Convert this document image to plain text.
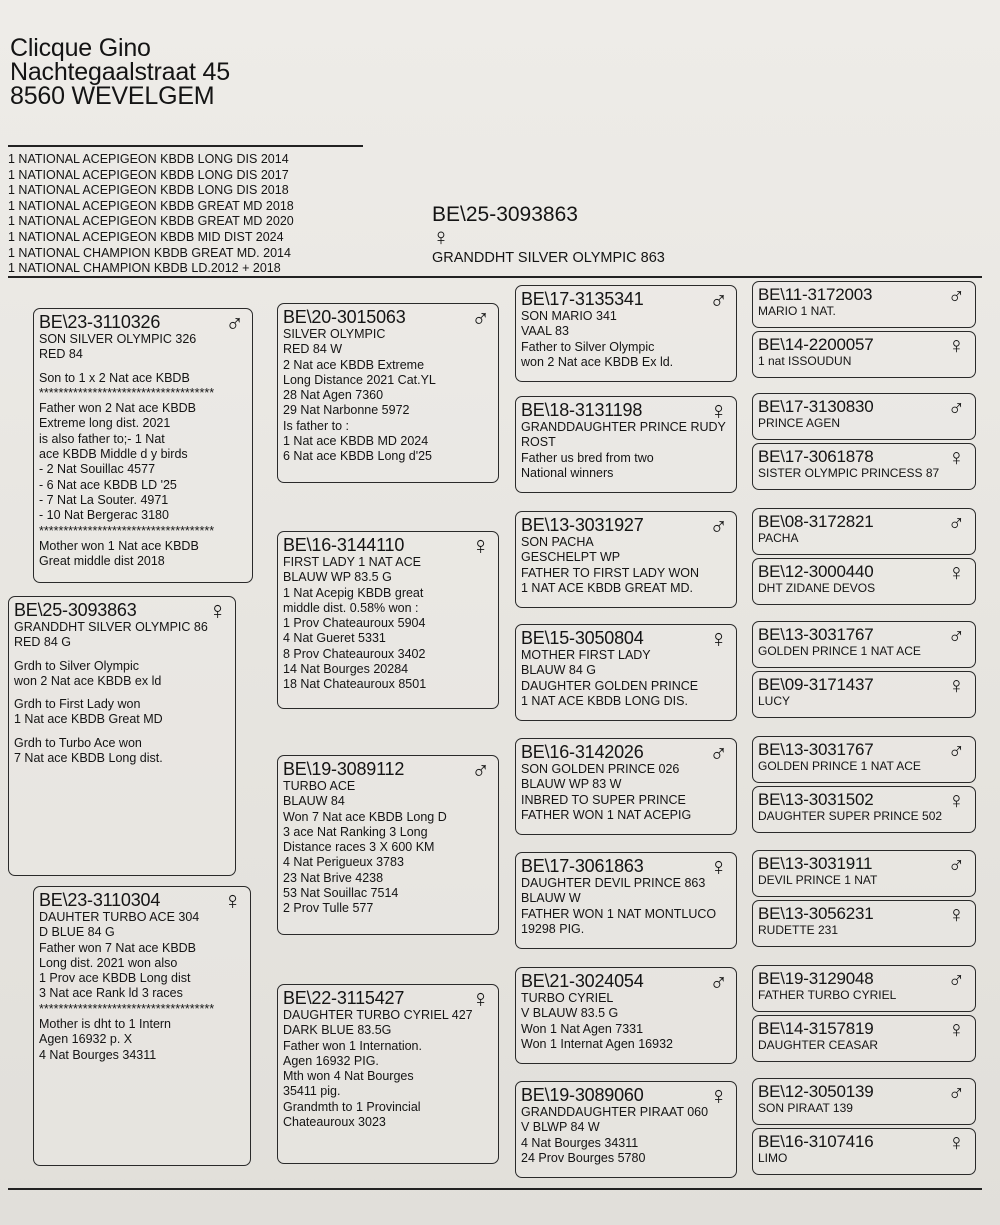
Clicque Gino
Nachtegaalstraat 45
8560 WEVELGEM
1 NATIONAL ACEPIGEON KBDB LONG DIS 2014
1 NATIONAL ACEPIGEON KBDB LONG DIS 2017
1 NATIONAL ACEPIGEON KBDB LONG DIS 2018
1 NATIONAL ACEPIGEON KBDB GREAT MD 2018
1 NATIONAL ACEPIGEON KBDB GREAT MD 2020
1 NATIONAL ACEPIGEON KBDB MID DIST 2024
1 NATIONAL CHAMPION KBDB GREAT MD. 2014
1 NATIONAL CHAMPION KBDB LD.2012 + 2018
BE\25-3093863
♀
GRANDDHT SILVER OLYMPIC 863
BE\25-3093863	♀
GRANDDHT SILVER OLYMPIC 86
RED 84 G
Grdh to Silver Olympic
won 2 Nat ace KBDB ex ld
Grdh to First Lady won
1 Nat ace KBDB Great MD
Grdh to Turbo Ace won
7 Nat ace KBDB Long dist.
BE\23-3110326	♂
SON SILVER OLYMPIC 326
RED 84
Son to 1 x 2 Nat ace KBDB
************************************
Father won 2 Nat ace KBDB
Extreme long dist. 2021
is also father to;- 1 Nat
ace KBDB Middle d y birds
- 2 Nat Souillac 4577
- 6 Nat ace KBDB LD '25
- 7 Nat La Souter. 4971
- 10 Nat Bergerac 3180
************************************
Mother won 1 Nat ace KBDB
Great middle dist 2018
BE\23-3110304	♀
DAUHTER TURBO ACE 304
D BLUE 84 G
Father won 7 Nat ace KBDB
Long dist. 2021 won also
1 Prov ace KBDB Long dist
3 Nat ace Rank ld 3 races
************************************
Mother is dht to 1 Intern
Agen 16932 p. X
4 Nat Bourges 34311
BE\20-3015063	♂
SILVER OLYMPIC
RED 84 W
2 Nat ace KBDB Extreme
Long Distance 2021 Cat.YL
28 Nat Agen 7360
29 Nat Narbonne 5972
Is father to :
1 Nat ace KBDB MD 2024
6 Nat ace KBDB Long d'25
BE\16-3144110	♀
FIRST LADY 1 NAT ACE
BLAUW WP 83.5 G
1 Nat Acepig KBDB great
middle dist. 0.58% won :
1 Prov Chateauroux 5904
4 Nat Gueret 5331
8 Prov Chateauroux 3402
14 Nat Bourges 20284
18 Nat Chateauroux 8501
BE\19-3089112	♂
TURBO ACE
BLAUW 84
Won 7 Nat ace KBDB Long D
3 ace Nat Ranking 3 Long
Distance races 3 X 600 KM
4 Nat Perigueux 3783
23 Nat Brive 4238
53 Nat Souillac 7514
2 Prov Tulle 577
BE\22-3115427	♀
DAUGHTER TURBO CYRIEL 427
DARK BLUE 83.5G
Father won 1 Internation.
Agen 16932 PIG.
Mth won 4 Nat Bourges
35411 pig.
Grandmth to 1 Provincial
Chateauroux 3023
BE\17-3135341	♂
SON MARIO 341
VAAL 83
Father to Silver Olympic
won 2 Nat ace KBDB Ex ld.
BE\18-3131198	♀
GRANDDAUGHTER PRINCE RUDY
ROST
Father us bred from two
National winners
BE\13-3031927	♂
SON PACHA
GESCHELPT WP
FATHER TO FIRST LADY WON
1 NAT ACE KBDB GREAT MD.
BE\15-3050804	♀
MOTHER FIRST LADY
BLAUW 84 G
DAUGHTER GOLDEN PRINCE
1 NAT ACE KBDB LONG DIS.
BE\16-3142026	♂
SON GOLDEN PRINCE 026
BLAUW WP 83 W
INBRED TO SUPER PRINCE
FATHER WON 1 NAT ACEPIG
BE\17-3061863	♀
DAUGHTER DEVIL PRINCE 863
BLAUW W
FATHER WON 1 NAT MONTLUCO
19298 PIG.
BE\21-3024054	♂
TURBO CYRIEL
V BLAUW 83.5 G
Won 1 Nat Agen 7331
Won 1 Internat Agen 16932
BE\19-3089060	♀
GRANDDAUGHTER PIRAAT 060
V BLWP 84 W
4 Nat Bourges 34311
24 Prov Bourges 5780
BE\11-3172003	♂
MARIO 1 NAT.
BE\14-2200057	♀
1 nat ISSOUDUN
BE\17-3130830	♂
PRINCE AGEN
BE\17-3061878	♀
SISTER OLYMPIC PRINCESS 87
BE\08-3172821	♂
PACHA
BE\12-3000440	♀
DHT ZIDANE DEVOS
BE\13-3031767	♂
GOLDEN PRINCE 1 NAT ACE
BE\09-3171437	♀
LUCY
BE\13-3031767	♂
GOLDEN PRINCE 1 NAT ACE
BE\13-3031502	♀
DAUGHTER SUPER PRINCE 502
BE\13-3031911	♂
DEVIL PRINCE 1 NAT
BE\13-3056231	♀
RUDETTE 231
BE\19-3129048	♂
FATHER TURBO CYRIEL
BE\14-3157819	♀
DAUGHTER CEASAR
BE\12-3050139	♂
SON PIRAAT 139
BE\16-3107416	♀
LIMO
